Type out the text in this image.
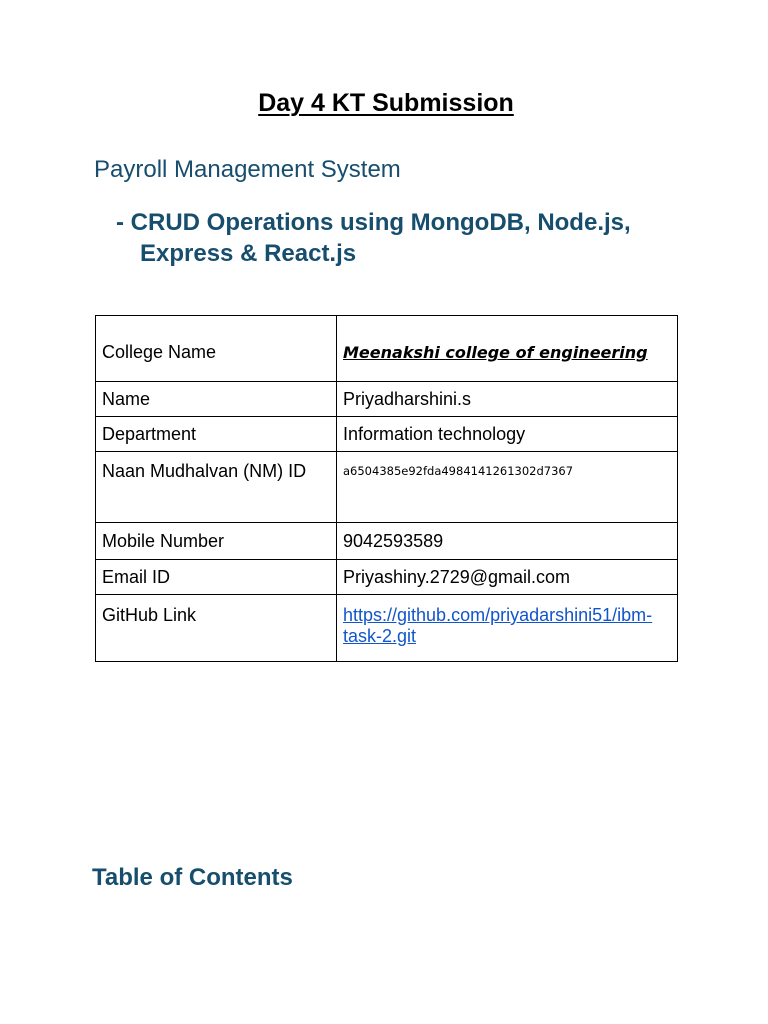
Day 4 KT Submission
Payroll Management System
- CRUD Operations using MongoDB, Node.js,
Express & React.js
College Name	Meenakshi college of engineering
Name	Priyadharshini.s
Department	Information technology
Naan Mudhalvan (NM) ID	a6504385e92fda4984141261302d7367
Mobile Number	9042593589
Email ID	Priyashiny.2729@gmail.com
GitHub Link	https://github.com/priyadarshini51/ibm-task-2.git
Table of Contents
